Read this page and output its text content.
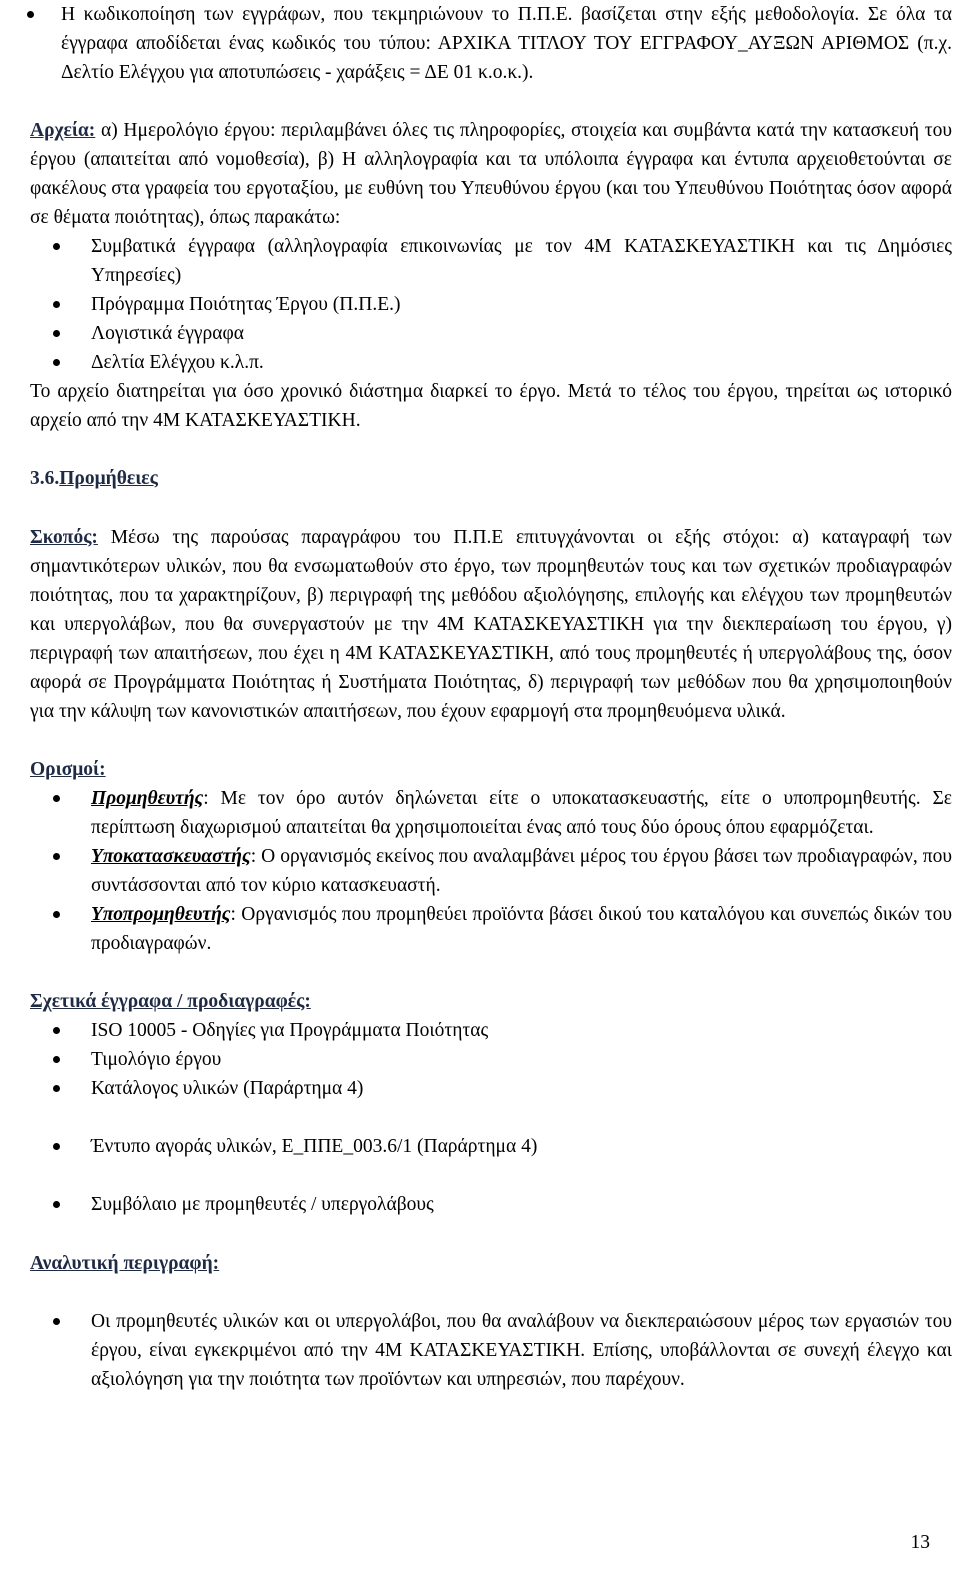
Η κωδικοποίηση των εγγράφων, που τεκμηριώνουν το Π.Π.Ε. βασίζεται στην εξής μεθοδολογία. Σε όλα τα έγγραφα αποδίδεται ένας κωδικός του τύπου: ΑΡΧΙΚΑ ΤΙΤΛΟΥ ΤΟΥ ΕΓΓΡΑΦΟΥ_ΑΥΞΩΝ ΑΡΙΘΜΟΣ (π.χ. Δελτίο Ελέγχου για αποτυπώσεις - χαράξεις = ΔΕ 01 κ.ο.κ.).

Αρχεία: α) Ημερολόγιο έργου: περιλαμβάνει όλες τις πληροφορίες, στοιχεία και συμβάντα κατά την κατασκευή του έργου (απαιτείται από νομοθεσία), β) Η αλληλογραφία και τα υπόλοιπα έγγραφα και έντυπα αρχειοθετούνται σε φακέλους στα γραφεία του εργοταξίου, με ευθύνη του Υπευθύνου έργου (και του Υπευθύνου Ποιότητας όσον αφορά σε θέματα ποιότητας), όπως παρακάτω:

Συμβατικά έγγραφα (αλληλογραφία επικοινωνίας με τον 4Μ ΚΑΤΑΣΚΕΥΑΣΤΙΚΗ και τις Δημόσιες Υπηρεσίες)
Πρόγραμμα Ποιότητας Έργου (Π.Π.Ε.)
Λογιστικά έγγραφα
Δελτία Ελέγχου κ.λ.π.

Το αρχείο διατηρείται για όσο χρονικό διάστημα διαρκεί το έργο. Μετά το τέλος του έργου, τηρείται ως ιστορικό αρχείο από την 4Μ ΚΑΤΑΣΚΕΥΑΣΤΙΚΗ.

3.6.Προμήθειες

Σκοπός: Μέσω της παρούσας παραγράφου του Π.Π.Ε επιτυγχάνονται οι εξής στόχοι: α) καταγραφή των σημαντικότερων υλικών, που θα ενσωματωθούν στο έργο, των προμηθευτών τους και των σχετικών προδιαγραφών ποιότητας, που τα χαρακτηρίζουν, β) περιγραφή της μεθόδου αξιολόγησης, επιλογής και ελέγχου των προμηθευτών και υπεργολάβων, που θα συνεργαστούν με την 4Μ ΚΑΤΑΣΚΕΥΑΣΤΙΚΗ για την διεκπεραίωση του έργου, γ) περιγραφή των απαιτήσεων, που έχει η 4Μ ΚΑΤΑΣΚΕΥΑΣΤΙΚΗ, από τους προμηθευτές ή υπεργολάβους της, όσον αφορά σε Προγράμματα Ποιότητας ή Συστήματα Ποιότητας, δ) περιγραφή των μεθόδων που θα χρησιμοποιηθούν για την κάλυψη των κανονιστικών απαιτήσεων, που έχουν εφαρμογή στα προμηθευόμενα υλικά.

Ορισμοί:

Προμηθευτής: Με τον όρο αυτόν δηλώνεται είτε ο υποκατασκευαστής, είτε ο υποπρομηθευτής. Σε περίπτωση διαχωρισμού απαιτείται θα χρησιμοποιείται ένας από τους δύο όρους όπου εφαρμόζεται.
Υποκατασκευαστής: Ο οργανισμός εκείνος που αναλαμβάνει μέρος του έργου βάσει των προδιαγραφών, που συντάσσονται από τον κύριο κατασκευαστή.
Υποπρομηθευτής: Οργανισμός που προμηθεύει προϊόντα βάσει δικού του καταλόγου και συνεπώς δικών του προδιαγραφών.

Σχετικά έγγραφα / προδιαγραφές:

ISO 10005 - Οδηγίες για Προγράμματα Ποιότητας
Τιμολόγιο έργου
Κατάλογος υλικών (Παράρτημα 4)
Έντυπο αγοράς υλικών, Ε_ΠΠΕ_003.6/1 (Παράρτημα 4)
Συμβόλαιο με προμηθευτές / υπεργολάβους

Αναλυτική περιγραφή:

Οι προμηθευτές υλικών και οι υπεργολάβοι, που θα αναλάβουν να διεκπεραιώσουν μέρος των εργασιών του έργου, είναι εγκεκριμένοι από την 4Μ ΚΑΤΑΣΚΕΥΑΣΤΙΚΗ. Επίσης, υποβάλλονται σε συνεχή έλεγχο και αξιολόγηση για την ποιότητα των προϊόντων και υπηρεσιών, που παρέχουν.
13
